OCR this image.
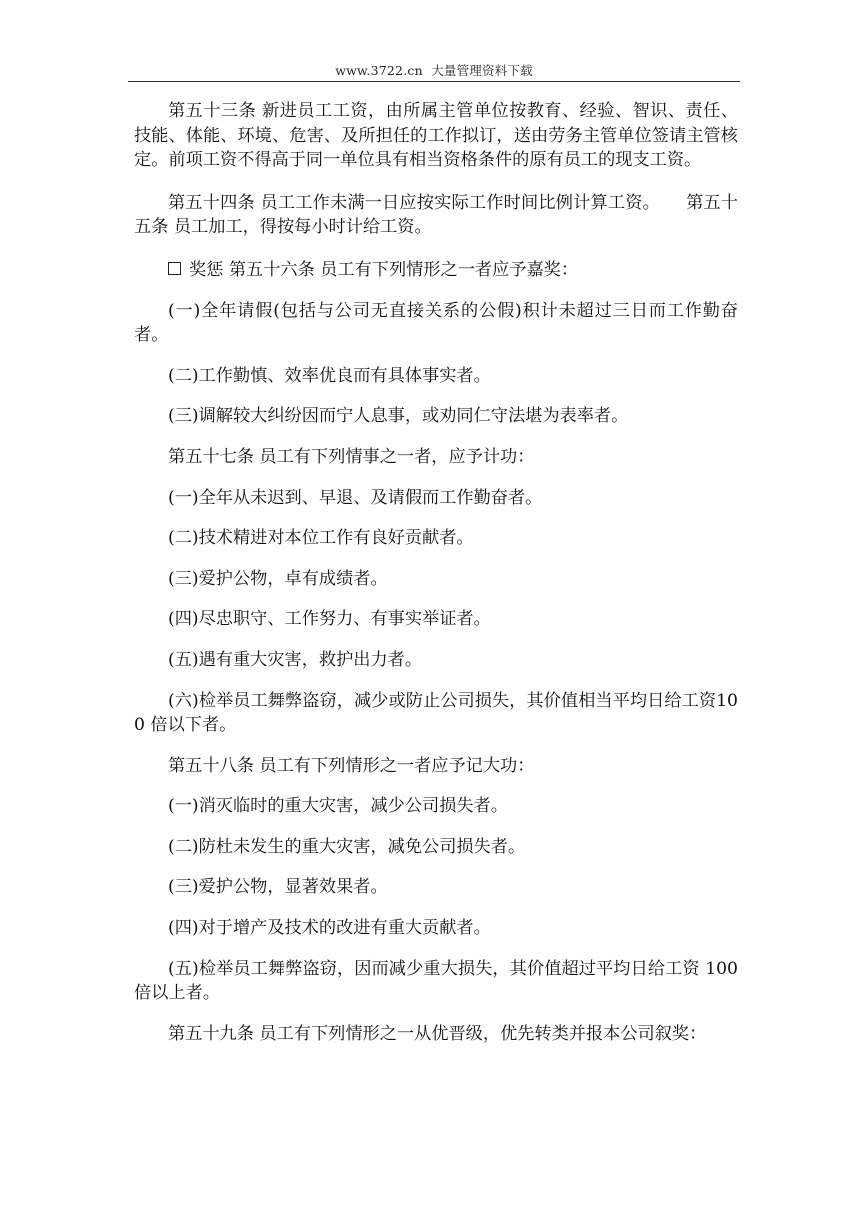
www.3722.cn 大量管理资料下载

第五十三条 新进员工工资，由所属主管单位按教育、经验、智识、责任、技能、体能、环境、危害、及所担任的工作拟订，送由劳务主管单位签请主管核定。前项工资不得高于同一单位具有相当资格条件的原有员工的现支工资。

第五十四条 员工工作未满一日应按实际工作时间比例计算工资。　　第五十五条 员工加工，得按每小时计给工资。

奖惩 第五十六条 员工有下列情形之一者应予嘉奖：

(一)全年请假(包括与公司无直接关系的公假)积计未超过三日而工作勤奋者。

(二)工作勤慎、效率优良而有具体事实者。

(三)调解较大纠纷因而宁人息事，或劝同仁守法堪为表率者。

第五十七条 员工有下列情事之一者，应予计功：

(一)全年从未迟到、早退、及请假而工作勤奋者。

(二)技术精进对本位工作有良好贡献者。

(三)爱护公物，卓有成绩者。

(四)尽忠职守、工作努力、有事实举证者。

(五)遇有重大灾害，救护出力者。

(六)检举员工舞弊盗窃，减少或防止公司损失，其价值相当平均日给工资100 倍以下者。

第五十八条 员工有下列情形之一者应予记大功：

(一)消灭临时的重大灾害，减少公司损失者。

(二)防杜未发生的重大灾害，减免公司损失者。

(三)爱护公物，显著效果者。

(四)对于增产及技术的改进有重大贡献者。

(五)检举员工舞弊盗窃，因而减少重大损失，其价值超过平均日给工资 100 倍以上者。

第五十九条 员工有下列情形之一从优晋级，优先转类并报本公司叙奖：
